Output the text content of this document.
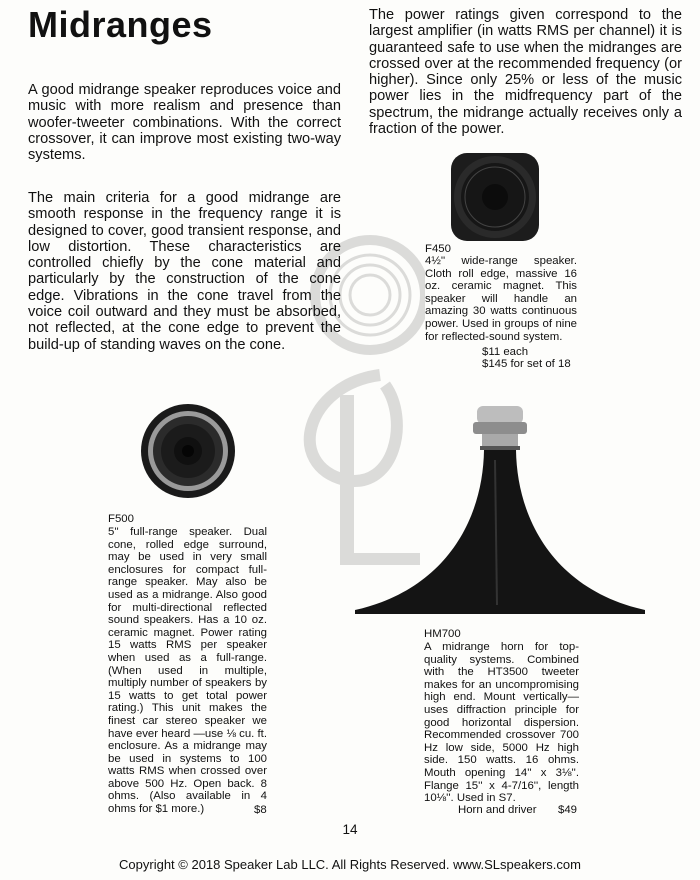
Midranges

A good midrange speaker reproduces voice and music with more realism and presence than woofer-tweeter combinations. With the correct crossover, it can improve most existing two-way systems.

The main criteria for a good midrange are smooth response in the frequency range it is designed to cover, good transient response, and low distortion. These characteristics are controlled chiefly by the cone material and particularly by the construction of the cone edge. Vibrations in the cone travel from the voice coil outward and they must be absorbed, not reflected, at the cone edge to prevent the build-up of standing waves on the cone.

The power ratings given correspond to the largest amplifier (in watts RMS per channel) it is guaranteed safe to use when the midranges are crossed over at the recommended frequency (or higher). Since only 25% or less of the music power lies in the midfrequency part of the spectrum, the midrange actually receives only a fraction of the power.

F450

4½'' wide-range speaker. Cloth roll edge, massive 16 oz. ceramic magnet. This speaker will handle an amazing 30 watts continuous power. Used in groups of nine for reflected-sound system.

$11 each
$145 for set of 18
F500

5'' full-range speaker. Dual cone, rolled edge surround, may be used in very small enclosures for compact full-range speaker. May also be used as a midrange. Also good for multi-directional reflected sound speakers. Has a 10 oz. ceramic magnet. Power rating 15 watts RMS per speaker when used as a full-range. (When used in multiple, multiply number of speakers by 15 watts to get total power rating.) This unit makes the finest car stereo speaker we have ever heard —use ⅛ cu. ft. enclosure. As a midrange may be used in systems to 100 watts RMS when crossed over above 500 Hz. Open back. 8 ohms. (Also available in 4 ohms for $1 more.)	$8
HM700

A midrange horn for top-quality systems. Combined with the HT3500 tweeter makes for an uncompromising high end. Mount vertically—uses diffraction principle for good horizontal dispersion. Recommended crossover 700 Hz low side, 5000 Hz high side. 150 watts. 16 ohms. Mouth opening 14'' x 3⅛''. Flange 15'' x 4-7/16'', length 10⅛''. Used in S7.

Horn and driver $49
14
Copyright © 2018 Speaker Lab LLC. All Rights Reserved. www.SLspeakers.com
